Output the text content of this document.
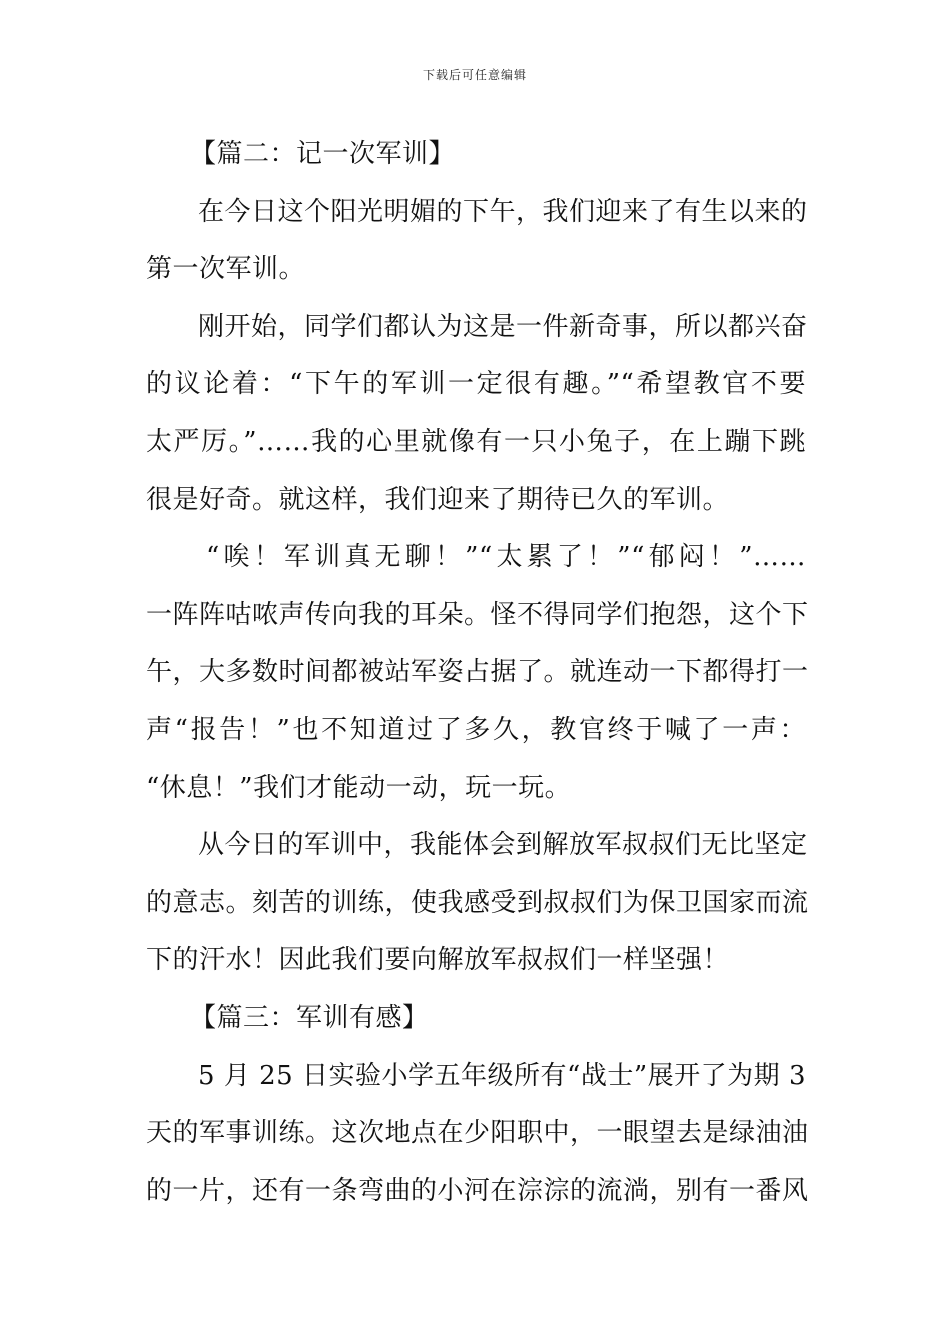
下载后可任意编辑
【篇二：记一次军训】
在今日这个阳光明媚的下午，我们迎来了有生以来的
第一次军训。
刚开始，同学们都认为这是一件新奇事，所以都兴奋
的议论着：“下午的军训一定很有趣。”“希望教官不要
太严厉。”……我的心里就像有一只小兔子，在上蹦下跳
很是好奇。就这样，我们迎来了期待已久的军训。
“唉！军训真无聊！”“太累了！”“郁闷！”……
一阵阵咕哝声传向我的耳朵。怪不得同学们抱怨，这个下
午，大多数时间都被站军姿占据了。就连动一下都得打一
声“报告！”也不知道过了多久，教官终于喊了一声：
“休息！”我们才能动一动，玩一玩。
从今日的军训中，我能体会到解放军叔叔们无比坚定
的意志。刻苦的训练，使我感受到叔叔们为保卫国家而流
下的汗水！因此我们要向解放军叔叔们一样坚强！
【篇三：军训有感】
5 月 25 日实验小学五年级所有“战士”展开了为期 3
天的军事训练。这次地点在少阳职中，一眼望去是绿油油
的一片，还有一条弯曲的小河在淙淙的流淌，别有一番风
